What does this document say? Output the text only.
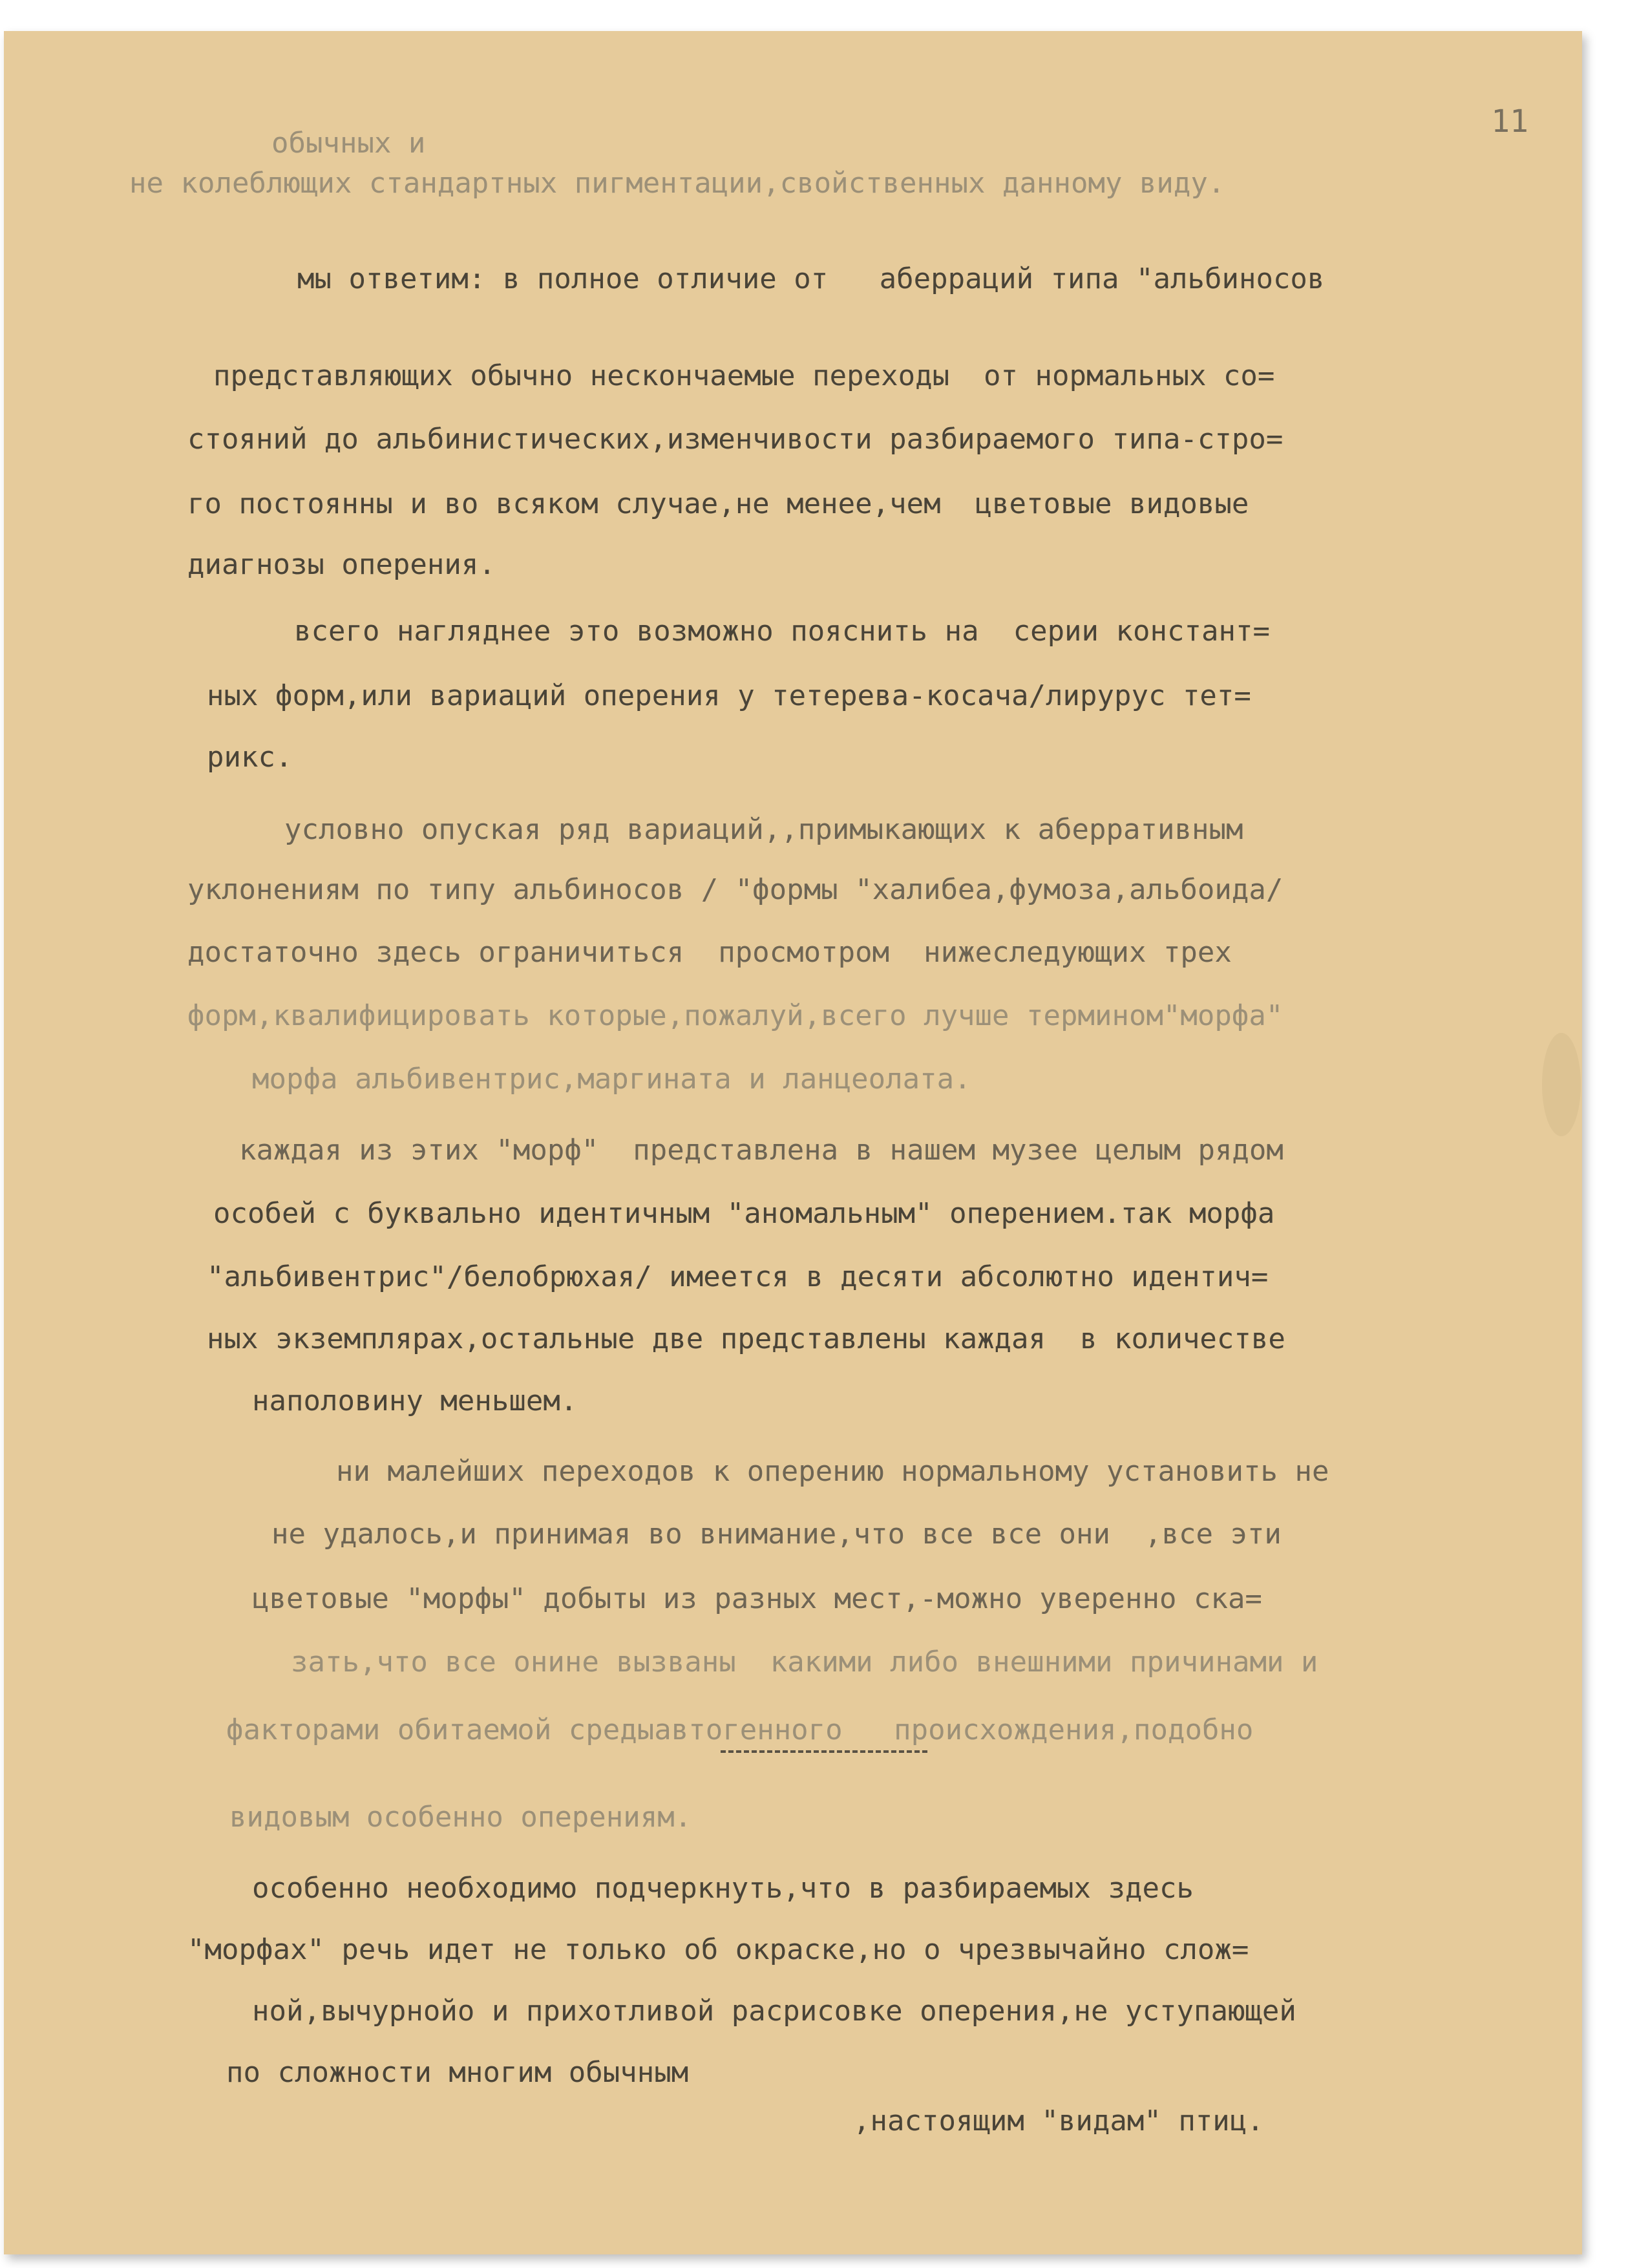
11
обычных и
не колеблющих стандартных пигментации,свойственных данному виду.
мы ответим: в полное отличие от   аберраций типа "альбиносов
представляющих обычно нескончаемые переходы  от нормальных со=
стояний до альбинистических,изменчивости разбираемого типа-стро=
го постоянны и во всяком случае,не менее,чем  цветовые видовые
диагнозы оперения.
всего нагляднее это возможно пояснить на  серии констант=
ных форм,или вариаций оперения у тетерева-косача/лирурус тет=
рикс.
условно опуская ряд вариаций,,примыкающих к аберративным
уклонениям по типу альбиносов / "формы "халибеа,фумоза,альбоида/
достаточно здесь ограничиться  просмотром  нижеследующих трех
форм,квалифицировать которые,пожалуй,всего лучше термином"морфа"
морфа альбивентрис,маргината и ланцеолата.
каждая из этих "морф"  представлена в нашем музее целым рядом
особей с буквально идентичным "аномальным" оперением.так морфа
"альбивентрис"/белобрюхая/ имеется в десяти абсолютно идентич=
ных экземплярах,остальные две представлены каждая  в количестве
наполовину меньшем.
ни малейших переходов к оперению нормальному установить не
не удалось,и принимая во внимание,что все все они  ,все эти
цветовые "морфы" добыты из разных мест,-можно уверенно ска=
зать,что все онине вызваны  какими либо внешними причинами и
факторами обитаемой средыавтогенного   происхождения,подобно
видовым особенно оперениям.
особенно необходимо подчеркнуть,что в разбираемых здесь
"морфах" речь идет не только об окраске,но о чрезвычайно слож=
ной,вычурнойо и прихотливой расрисовке оперения,не уступающей
по сложности многим обычным
,настоящим "видам" птиц.
